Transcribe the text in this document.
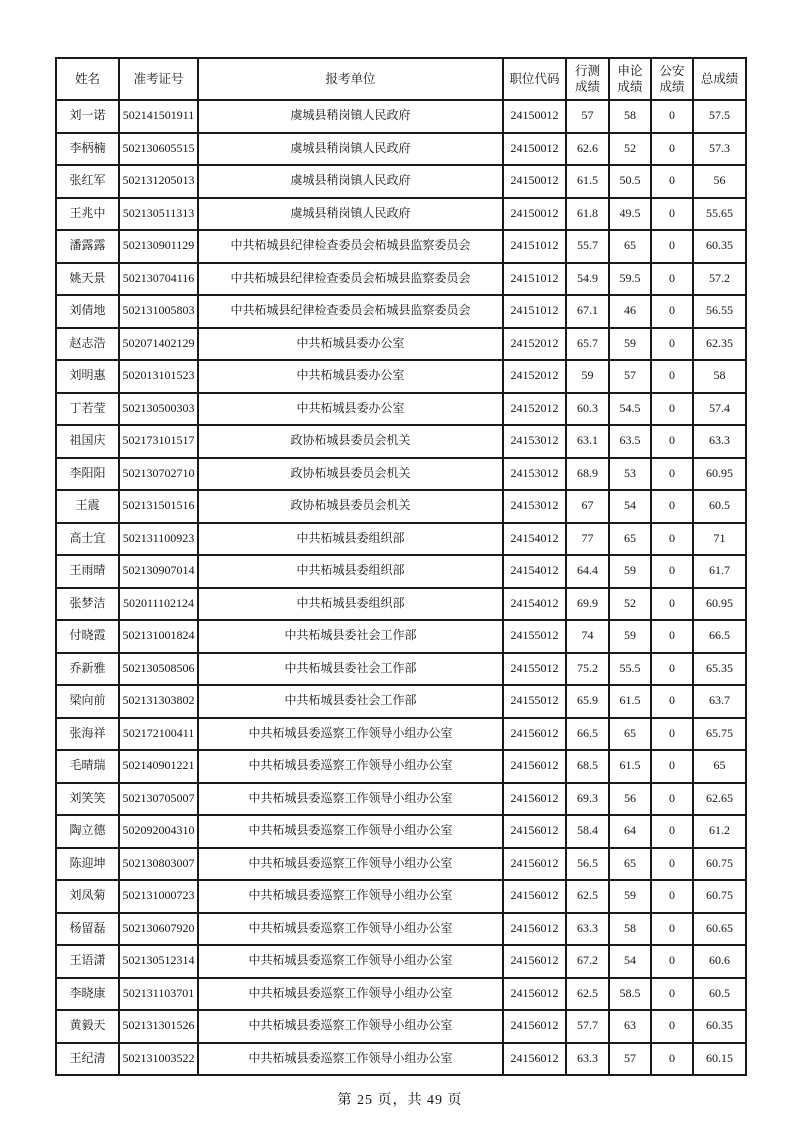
姓名	准考证号	报考单位	职位代码	行测成绩	申论成绩	公安成绩	总成绩
刘一诺	502141501911	虞城县稍岗镇人民政府	24150012	57	58	0	57.5
李柄楠	502130605515	虞城县稍岗镇人民政府	24150012	62.6	52	0	57.3
张红军	502131205013	虞城县稍岗镇人民政府	24150012	61.5	50.5	0	56
王兆中	502130511313	虞城县稍岗镇人民政府	24150012	61.8	49.5	0	55.65
潘露露	502130901129	中共柘城县纪律检查委员会柘城县监察委员会	24151012	55.7	65	0	60.35
姚天景	502130704116	中共柘城县纪律检查委员会柘城县监察委员会	24151012	54.9	59.5	0	57.2
刘倩地	502131005803	中共柘城县纪律检查委员会柘城县监察委员会	24151012	67.1	46	0	56.55
赵志浩	502071402129	中共柘城县委办公室	24152012	65.7	59	0	62.35
刘明惠	502013101523	中共柘城县委办公室	24152012	59	57	0	58
丁若莹	502130500303	中共柘城县委办公室	24152012	60.3	54.5	0	57.4
祖国庆	502173101517	政协柘城县委员会机关	24153012	63.1	63.5	0	63.3
李阳阳	502130702710	政协柘城县委员会机关	24153012	68.9	53	0	60.95
王震	502131501516	政协柘城县委员会机关	24153012	67	54	0	60.5
高士宜	502131100923	中共柘城县委组织部	24154012	77	65	0	71
王雨晴	502130907014	中共柘城县委组织部	24154012	64.4	59	0	61.7
张梦洁	502011102124	中共柘城县委组织部	24154012	69.9	52	0	60.95
付晓霞	502131001824	中共柘城县委社会工作部	24155012	74	59	0	66.5
乔新雅	502130508506	中共柘城县委社会工作部	24155012	75.2	55.5	0	65.35
梁向前	502131303802	中共柘城县委社会工作部	24155012	65.9	61.5	0	63.7
张海祥	502172100411	中共柘城县委巡察工作领导小组办公室	24156012	66.5	65	0	65.75
毛晴瑞	502140901221	中共柘城县委巡察工作领导小组办公室	24156012	68.5	61.5	0	65
刘笑笑	502130705007	中共柘城县委巡察工作领导小组办公室	24156012	69.3	56	0	62.65
陶立德	502092004310	中共柘城县委巡察工作领导小组办公室	24156012	58.4	64	0	61.2
陈迎坤	502130803007	中共柘城县委巡察工作领导小组办公室	24156012	56.5	65	0	60.75
刘凤菊	502131000723	中共柘城县委巡察工作领导小组办公室	24156012	62.5	59	0	60.75
杨留磊	502130607920	中共柘城县委巡察工作领导小组办公室	24156012	63.3	58	0	60.65
王语潇	502130512314	中共柘城县委巡察工作领导小组办公室	24156012	67.2	54	0	60.6
李晓康	502131103701	中共柘城县委巡察工作领导小组办公室	24156012	62.5	58.5	0	60.5
黄毅天	502131301526	中共柘城县委巡察工作领导小组办公室	24156012	57.7	63	0	60.35
王纪清	502131003522	中共柘城县委巡察工作领导小组办公室	24156012	63.3	57	0	60.15
第 25 页，共 49 页
